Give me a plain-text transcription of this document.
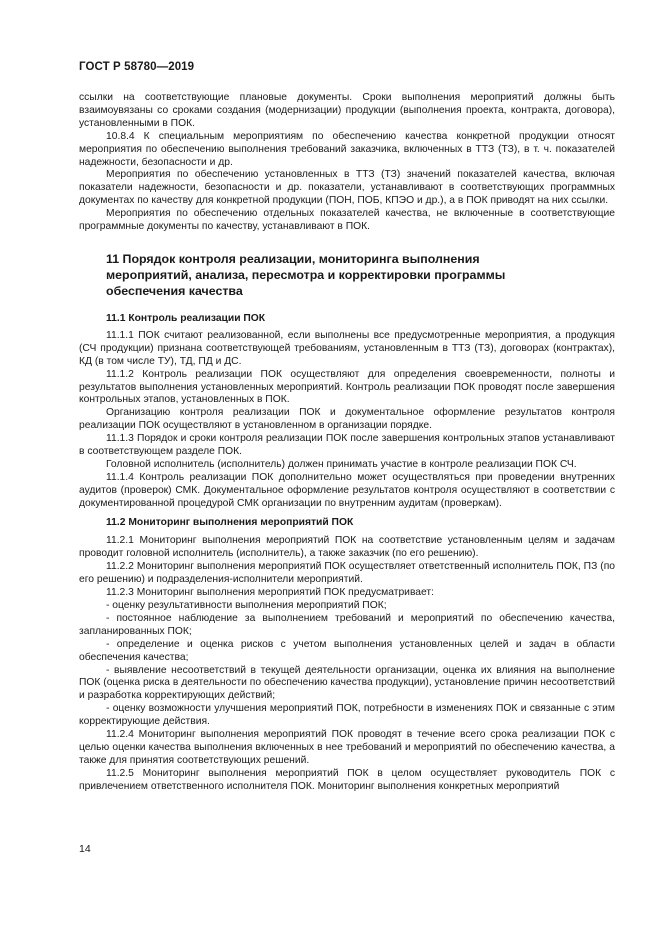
ГОСТ Р 58780—2019

ссылки на соответствующие плановые документы. Сроки выполнения мероприятий должны быть взаимоувязаны со сроками создания (модернизации) продукции (выполнения проекта, контракта, договора), установленными в ПОК.

10.8.4 К специальным мероприятиям по обеспечению качества конкретной продукции относят мероприятия по обеспечению выполнения требований заказчика, включенных в ТТЗ (ТЗ), в т. ч. показателей надежности, безопасности и др.

Мероприятия по обеспечению установленных в ТТЗ (ТЗ) значений показателей качества, включая показатели надежности, безопасности и др. показатели, устанавливают в соответствующих программных документах по качеству для конкретной продукции (ПОН, ПОБ, КПЭО и др.), а в ПОК приводят на них ссылки.

Мероприятия по обеспечению отдельных показателей качества, не включенные в соответствующие программные документы по качеству, устанавливают в ПОК.

11 Порядок контроля реализации, мониторинга выполнения мероприятий, анализа, пересмотра и корректировки программы обеспечения качества
11.1 Контроль реализации ПОК

11.1.1 ПОК считают реализованной, если выполнены все предусмотренные мероприятия, а продукция (СЧ продукции) признана соответствующей требованиям, установленным в ТТЗ (ТЗ), договорах (контрактах), КД (в том числе ТУ), ТД, ПД и ДС.

11.1.2 Контроль реализации ПОК осуществляют для определения своевременности, полноты и результатов выполнения установленных мероприятий. Контроль реализации ПОК проводят после завершения контрольных этапов, установленных в ПОК.

Организацию контроля реализации ПОК и документальное оформление результатов контроля реализации ПОК осуществляют в установленном в организации порядке.

11.1.3 Порядок и сроки контроля реализации ПОК после завершения контрольных этапов устанавливают в соответствующем разделе ПОК.

Головной исполнитель (исполнитель) должен принимать участие в контроле реализации ПОК СЧ.

11.1.4 Контроль реализации ПОК дополнительно может осуществляться при проведении внутренних аудитов (проверок) СМК. Документальное оформление результатов контроля осуществляют в соответствии с документированной процедурой СМК организации по внутренним аудитам (проверкам).

11.2 Мониторинг выполнения мероприятий ПОК

11.2.1 Мониторинг выполнения мероприятий ПОК на соответствие установленным целям и задачам проводит головной исполнитель (исполнитель), а также заказчик (по его решению).

11.2.2 Мониторинг выполнения мероприятий ПОК осуществляет ответственный исполнитель ПОК, ПЗ (по его решению) и подразделения-исполнители мероприятий.

11.2.3 Мониторинг выполнения мероприятий ПОК предусматривает:

- оценку результативности выполнения мероприятий ПОК;

- постоянное наблюдение за выполнением требований и мероприятий по обеспечению качества, запланированных ПОК;

- определение и оценка рисков с учетом выполнения установленных целей и задач в области обеспечения качества;

- выявление несоответствий в текущей деятельности организации, оценка их влияния на выполнение ПОК (оценка риска в деятельности по обеспечению качества продукции), установление причин несоответствий и разработка корректирующих действий;

- оценку возможности улучшения мероприятий ПОК, потребности в изменениях ПОК и связанные с этим корректирующие действия.

11.2.4 Мониторинг выполнения мероприятий ПОК проводят в течение всего срока реализации ПОК с целью оценки качества выполнения включенных в нее требований и мероприятий по обеспечению качества, а также для принятия соответствующих решений.

11.2.5 Мониторинг выполнения мероприятий ПОК в целом осуществляет руководитель ПОК с привлечением ответственного исполнителя ПОК. Мониторинг выполнения конкретных мероприятий

14
